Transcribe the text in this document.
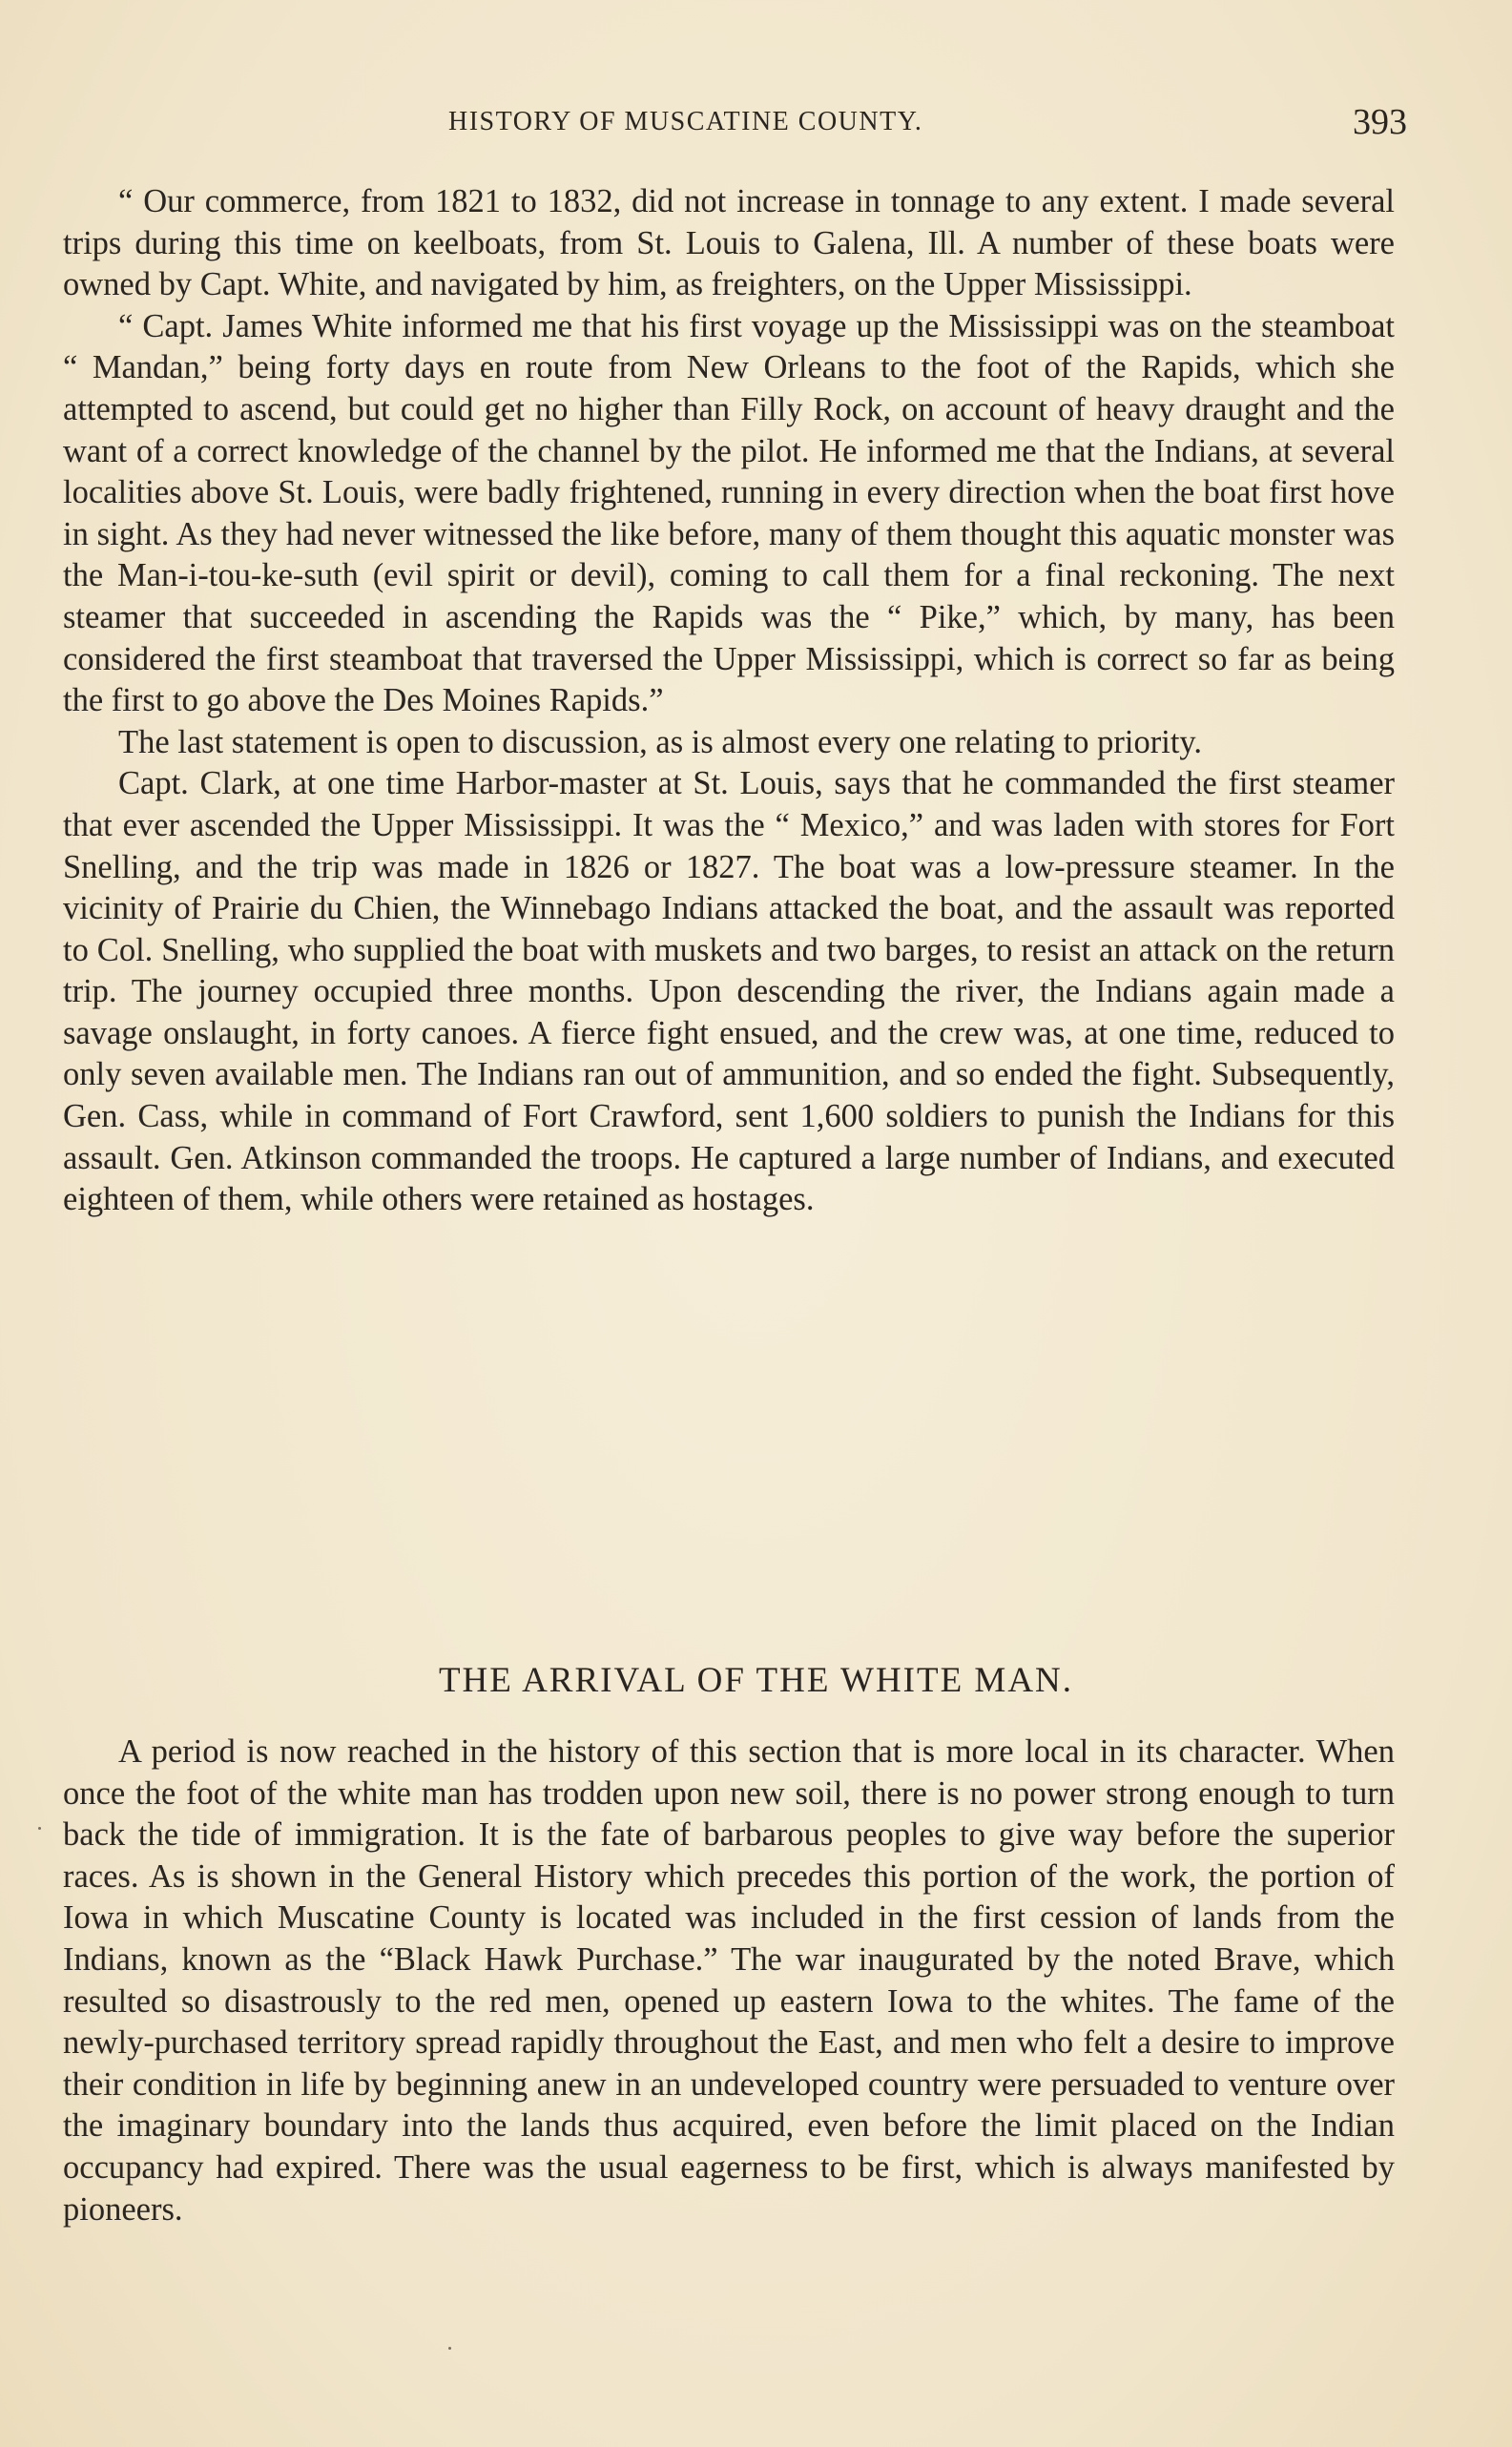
HISTORY OF MUSCATINE COUNTY.	393

“ Our commerce, from 1821 to 1832, did not increase in tonnage to any extent. I made several trips during this time on keelboats, from St. Louis to Galena, Ill. A number of these boats were owned by Capt. White, and navigated by him, as freighters, on the Upper Mississippi.

“ Capt. James White informed me that his first voyage up the Mississippi was on the steamboat “ Mandan,” being forty days en route from New Orleans to the foot of the Rapids, which she attempted to ascend, but could get no higher than Filly Rock, on account of heavy draught and the want of a correct knowledge of the channel by the pilot. He informed me that the Indians, at several localities above St. Louis, were badly frightened, running in every direction when the boat first hove in sight. As they had never witnessed the like before, many of them thought this aquatic monster was the Man-i-tou-ke-suth (evil spirit or devil), coming to call them for a final reckoning. The next steamer that succeeded in ascending the Rapids was the “ Pike,” which, by many, has been considered the first steamboat that traversed the Upper Mississippi, which is correct so far as being the first to go above the Des Moines Rapids.”

The last statement is open to discussion, as is almost every one relating to priority.

Capt. Clark, at one time Harbor-master at St. Louis, says that he commanded the first steamer that ever ascended the Upper Mississippi. It was the “ Mexico,” and was laden with stores for Fort Snelling, and the trip was made in 1826 or 1827. The boat was a low-pressure steamer. In the vicinity of Prairie du Chien, the Winnebago Indians attacked the boat, and the assault was reported to Col. Snelling, who supplied the boat with muskets and two barges, to resist an attack on the return trip. The journey occupied three months. Upon descending the river, the Indians again made a savage onslaught, in forty canoes. A fierce fight ensued, and the crew was, at one time, reduced to only seven available men. The Indians ran out of ammunition, and so ended the fight. Subsequently, Gen. Cass, while in command of Fort Crawford, sent 1,600 soldiers to punish the Indians for this assault. Gen. Atkinson commanded the troops. He captured a large number of Indians, and executed eighteen of them, while others were retained as hostages.

THE ARRIVAL OF THE WHITE MAN.

A period is now reached in the history of this section that is more local in its character. When once the foot of the white man has trodden upon new soil, there is no power strong enough to turn back the tide of immigration. It is the fate of barbarous peoples to give way before the superior races. As is shown in the General History which precedes this portion of the work, the portion of Iowa in which Muscatine County is located was included in the first cession of lands from the Indians, known as the “Black Hawk Purchase.” The war inaugurated by the noted Brave, which resulted so disastrously to the red men, opened up eastern Iowa to the whites. The fame of the newly-purchased territory spread rapidly throughout the East, and men who felt a desire to improve their condition in life by beginning anew in an undeveloped country were persuaded to venture over the imaginary boundary into the lands thus acquired, even before the limit placed on the Indian occupancy had expired. There was the usual eagerness to be first, which is always manifested by pioneers.
